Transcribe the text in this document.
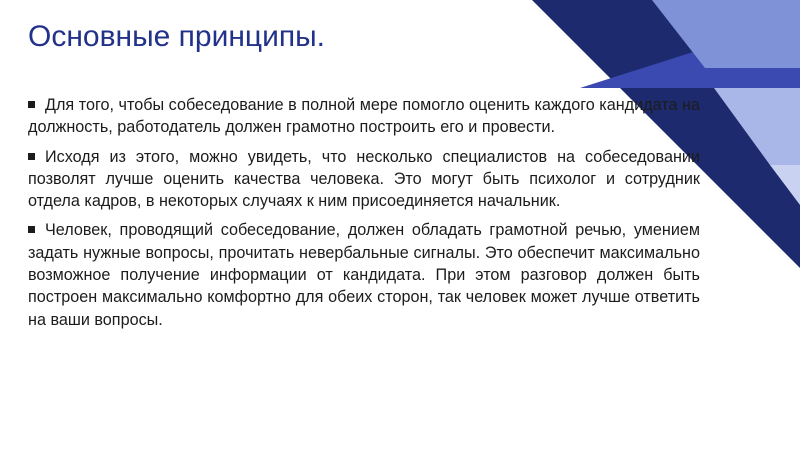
Основные принципы.

Для того, чтобы собеседование в полной мере помогло оценить каждого кандидата на должность, работодатель должен грамотно построить его и провести.

Исходя из этого, можно увидеть, что несколько специалистов на собеседовании позволят лучше оценить качества человека. Это могут быть психолог и сотрудник отдела кадров, в некоторых случаях к ним присоединяется начальник.

Человек, проводящий собеседование, должен обладать грамотной речью, умением задать нужные вопросы, прочитать невербальные сигналы. Это обеспечит максимально возможное получение информации от кандидата. При этом разговор должен быть построен максимально комфортно для обеих сторон, так человек может лучше ответить на ваши вопросы.
